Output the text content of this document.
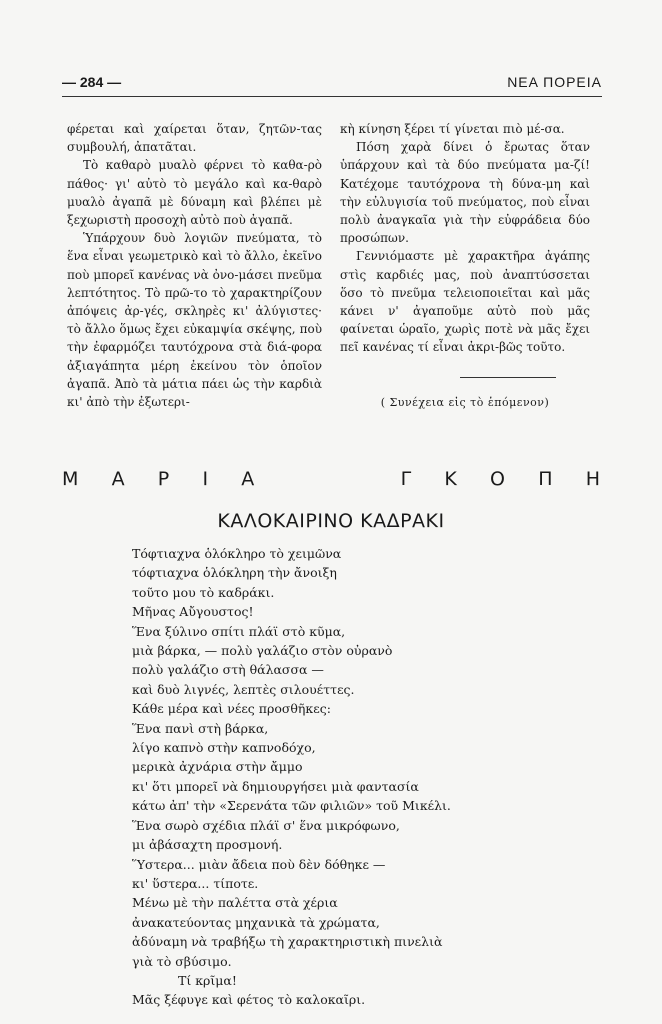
— 284 —	ΝΕΑ ΠΟΡΕΙΑ

φέρεται καὶ χαίρεται ὅταν, ζητῶν-τας συμβουλή, ἀπατᾶται.

Τὸ καθαρὸ μυαλὸ φέρνει τὸ καθα-ρὸ πάθος· γι' αὐτὸ τὸ μεγάλο καὶ κα-θαρὸ μυαλὸ ἀγαπᾶ μὲ δύναμη καὶ βλέπει μὲ ξεχωριστὴ προσοχὴ αὐτὸ ποὺ ἀγαπᾶ.

Ὑπάρχουν δυὸ λογιῶν πνεύματα, τὸ ἕνα εἶναι γεωμετρικὸ καὶ τὸ ἄλλο, ἐκεῖνο ποὺ μπορεῖ κανένας νὰ ὀνο-μάσει πνεῦμα λεπτότητος. Τὸ πρῶ-το τὸ χαρακτηρίζουν ἀπόψεις ἀρ-γές, σκληρὲς κι' ἀλύγιστες· τὸ ἄλλο ὅμως ἔχει εὐκαμψία σκέψης, ποὺ τὴν ἐφαρμόζει ταυτόχρονα στὰ διά-φορα ἀξιαγάπητα μέρη ἐκείνου τὸν ὁποῖον ἀγαπᾶ. Ἀπὸ τὰ μάτια πάει ὡς τὴν καρδιὰ κι' ἀπὸ τὴν ἐξωτερι-

κὴ κίνηση ξέρει τί γίνεται πιὸ μέ-σα.

Πόση χαρὰ δίνει ὁ ἔρωτας ὅταν ὑπάρχουν καὶ τὰ δύο πνεύματα μα-ζί! Κατέχομε ταυτόχρονα τὴ δύνα-μη καὶ τὴν εὐλυγισία τοῦ πνεύματος, ποὺ εἶναι πολὺ ἀναγκαῖα γιὰ τὴν εὐφράδεια δύο προσώπων.

Γεννιόμαστε μὲ χαρακτῆρα ἀγάπης στὶς καρδιές μας, ποὺ ἀναπτύσσεται ὅσο τὸ πνεῦμα τελειοποιεῖται καὶ μᾶς κάνει ν' ἀγαποῦμε αὐτὸ ποὺ μᾶς φαίνεται ὡραῖο, χωρὶς ποτὲ νὰ μᾶς ἔχει πεῖ κανένας τί εἶναι ἀκρι-βῶς τοῦτο.

( Συνέχεια εἰς τὸ ἑπόμενον)
Μ Α Ρ Ι Α	Γ Κ Ο Π Η
ΚΑΛΟΚΑΙΡΙΝΟ ΚΑΔΡΑΚΙ
Τόφτιαχνα ὁλόκληρο τὸ χειμῶνα
τόφτιαχνα ὁλόκληρη τὴν ἄνοιξη
τοῦτο μου τὸ καδράκι.
Μῆνας Αὔγουστος!
Ἕνα ξύλινο σπίτι πλάϊ στὸ κῦμα,
μιὰ βάρκα, — πολὺ γαλάζιο στὸν οὐρανὸ
πολὺ γαλάζιο στὴ θάλασσα —
καὶ δυὸ λιγνές, λεπτὲς σιλουέττες.
Κάθε μέρα καὶ νέες προσθῆκες:
Ἕνα πανὶ στὴ βάρκα,
λίγο καπνὸ στὴν καπνοδόχο,
μερικὰ ἀχνάρια στὴν ἄμμο
κι' ὅτι μπορεῖ νὰ δημιουργήσει μιὰ φαντασία
κάτω ἀπ' τὴν «Σερενάτα τῶν φιλιῶν» τοῦ Μικέλι.
Ἕνα σωρὸ σχέδια πλάϊ σ' ἕνα μικρόφωνο,
μι ἀβάσαχτη προσμονή.
Ὕστερα... μιὰν ἄδεια ποὺ δὲν δόθηκε —
κι' ὕστερα... τίποτε.
Μένω μὲ τὴν παλέττα στὰ χέρια
ἀνακατεύοντας μηχανικὰ τὰ χρώματα,
ἀδύναμη νὰ τραβήξω τὴ χαρακτηριστικὴ πινελιὰ
γιὰ τὸ σβύσιμο.
Τί κρῖμα!
Μᾶς ξέφυγε καὶ φέτος τὸ καλοκαῖρι.
